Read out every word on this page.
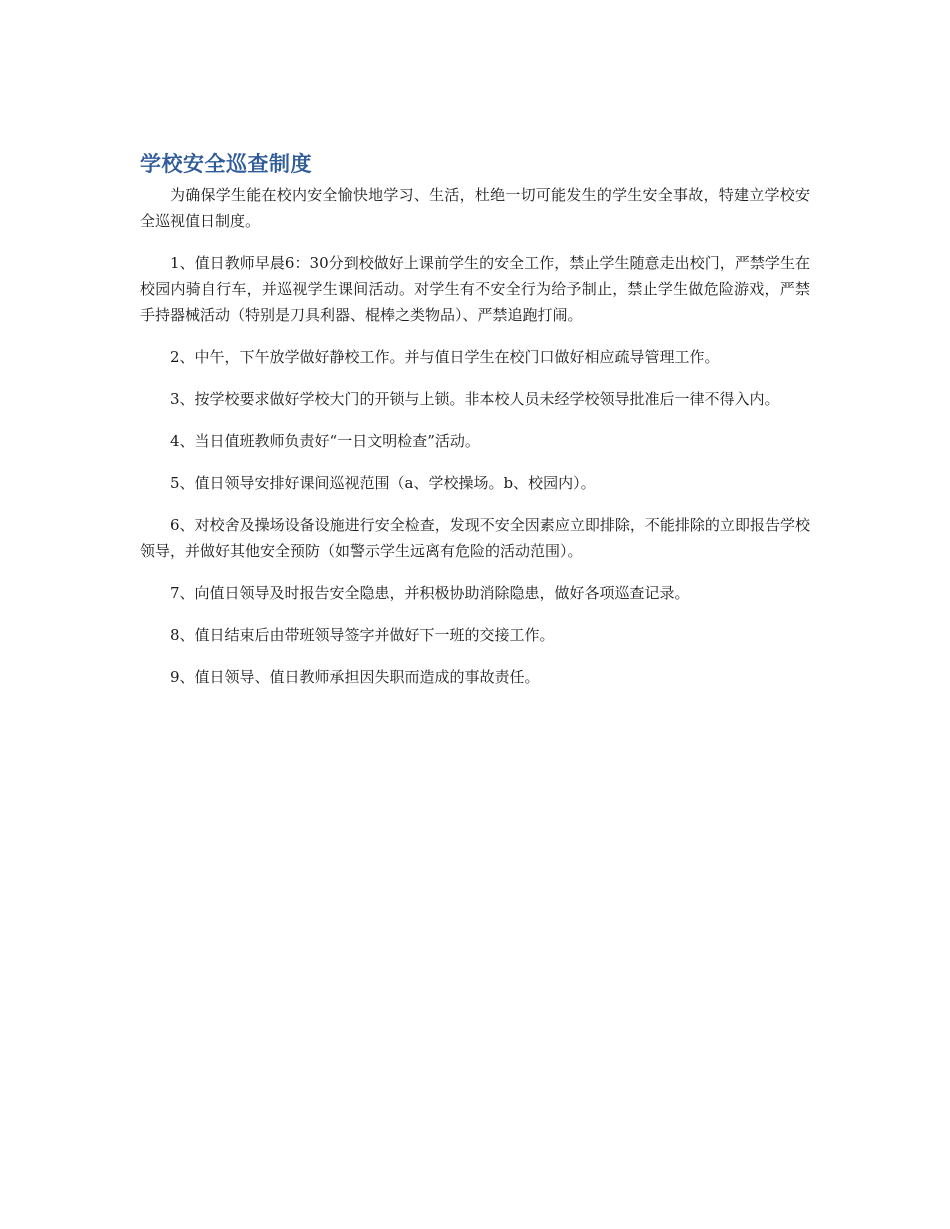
学校安全巡查制度

为确保学生能在校内安全愉快地学习、生活，杜绝一切可能发生的学生安全事故，特建立学校安全巡视值日制度。

1、值日教师早晨6：30分到校做好上课前学生的安全工作，禁止学生随意走出校门，严禁学生在校园内骑自行车，并巡视学生课间活动。对学生有不安全行为给予制止，禁止学生做危险游戏，严禁手持器械活动（特别是刀具利器、棍棒之类物品）、严禁追跑打闹。

2、中午，下午放学做好静校工作。并与值日学生在校门口做好相应疏导管理工作。

3、按学校要求做好学校大门的开锁与上锁。非本校人员未经学校领导批准后一律不得入内。

4、当日值班教师负责好“一日文明检查”活动。

5、值日领导安排好课间巡视范围（a、学校操场。b、校园内）。

6、对校舍及操场设备设施进行安全检查，发现不安全因素应立即排除，不能排除的立即报告学校领导，并做好其他安全预防（如警示学生远离有危险的活动范围）。

7、向值日领导及时报告安全隐患，并积极协助消除隐患，做好各项巡查记录。

8、值日结束后由带班领导签字并做好下一班的交接工作。

9、值日领导、值日教师承担因失职而造成的事故责任。
